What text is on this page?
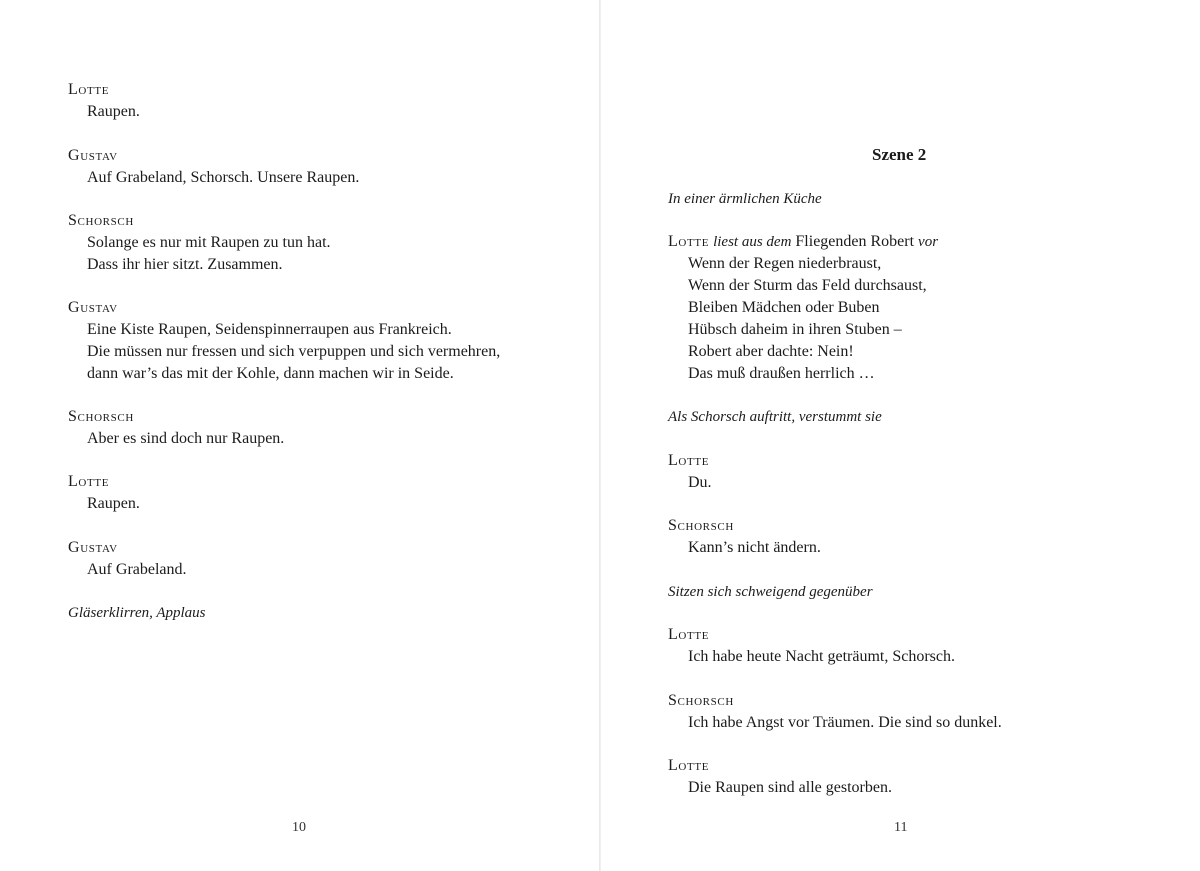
Lotte
Raupen.
Gustav
Auf Grabeland, Schorsch. Unsere Raupen.
Schorsch
Solange es nur mit Raupen zu tun hat.
Dass ihr hier sitzt. Zusammen.
Gustav
Eine Kiste Raupen, Seidenspinnerraupen aus Frankreich.
Die müssen nur fressen und sich verpuppen und sich vermehren,
dann war’s das mit der Kohle, dann machen wir in Seide.
Schorsch
Aber es sind doch nur Raupen.
Lotte
Raupen.
Gustav
Auf Grabeland.
Gläserklirren, Applaus
10
Szene 2
In einer ärmlichen Küche
Lotte liest aus dem Fliegenden Robert vor
Wenn der Regen niederbraust,
Wenn der Sturm das Feld durchsaust,
Bleiben Mädchen oder Buben
Hübsch daheim in ihren Stuben –
Robert aber dachte: Nein!
Das muß draußen herrlich …
Als Schorsch auftritt, verstummt sie
Lotte
Du.
Schorsch
Kann’s nicht ändern.
Sitzen sich schweigend gegenüber
Lotte
Ich habe heute Nacht geträumt, Schorsch.
Schorsch
Ich habe Angst vor Träumen. Die sind so dunkel.
Lotte
Die Raupen sind alle gestorben.
11
